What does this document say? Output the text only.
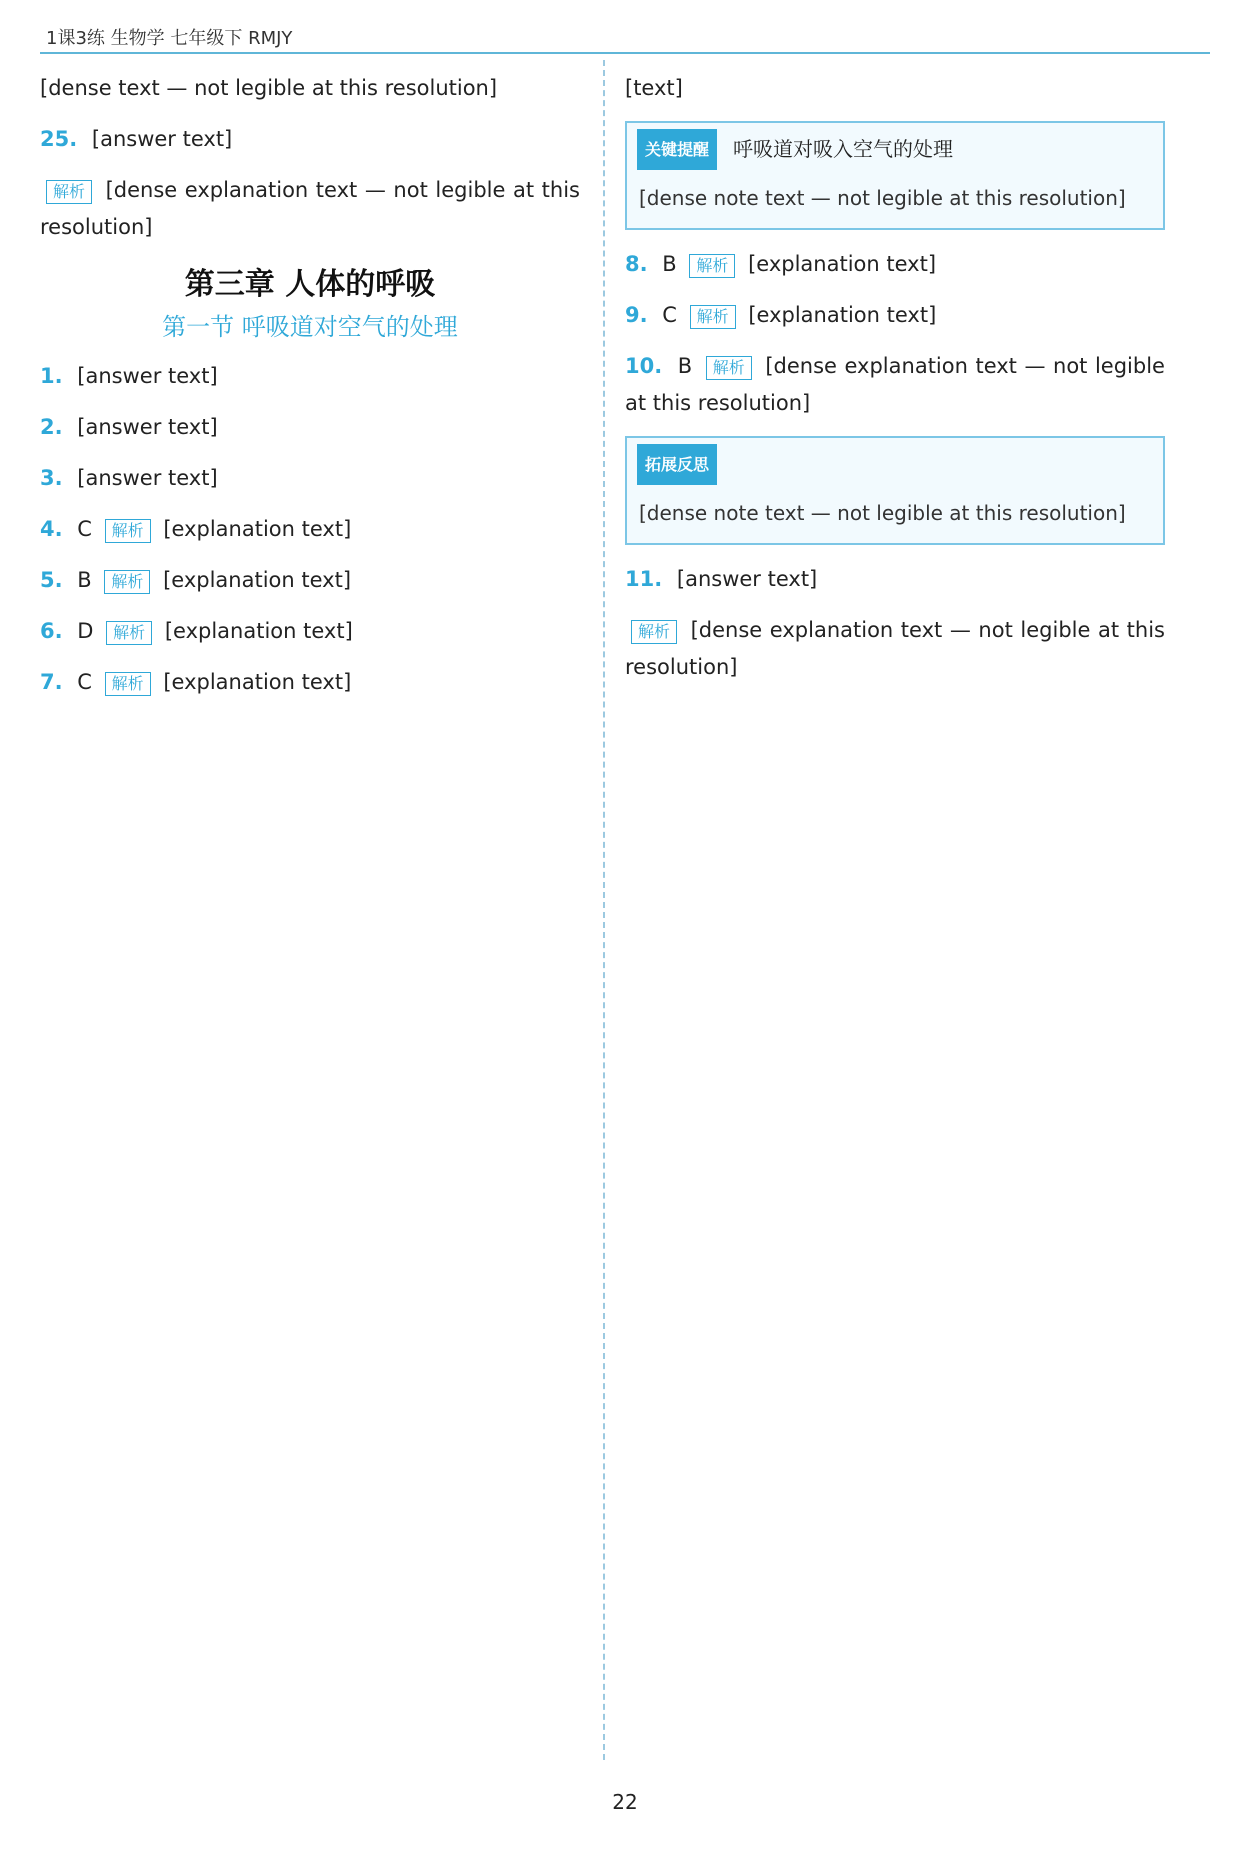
1课3练 生物学 七年级下 RMJY

[dense text — not legible at this resolution]

25. [answer text]

解析 [dense explanation text — not legible at this resolution]

第三章 人体的呼吸
第一节 呼吸道对空气的处理

1. [answer text]

2. [answer text]

3. [answer text]

4. C 解析 [explanation text]

5. B 解析 [explanation text]

6. D 解析 [explanation text]

7. C 解析 [explanation text]

[text]

关键提醒	呼吸道对吸入空气的处理
[dense note text — not legible at this resolution]

8. B 解析 [explanation text]

9. C 解析 [explanation text]

10. B 解析 [dense explanation text — not legible at this resolution]

拓展反思
[dense note text — not legible at this resolution]

11. [answer text]

解析 [dense explanation text — not legible at this resolution]

22
